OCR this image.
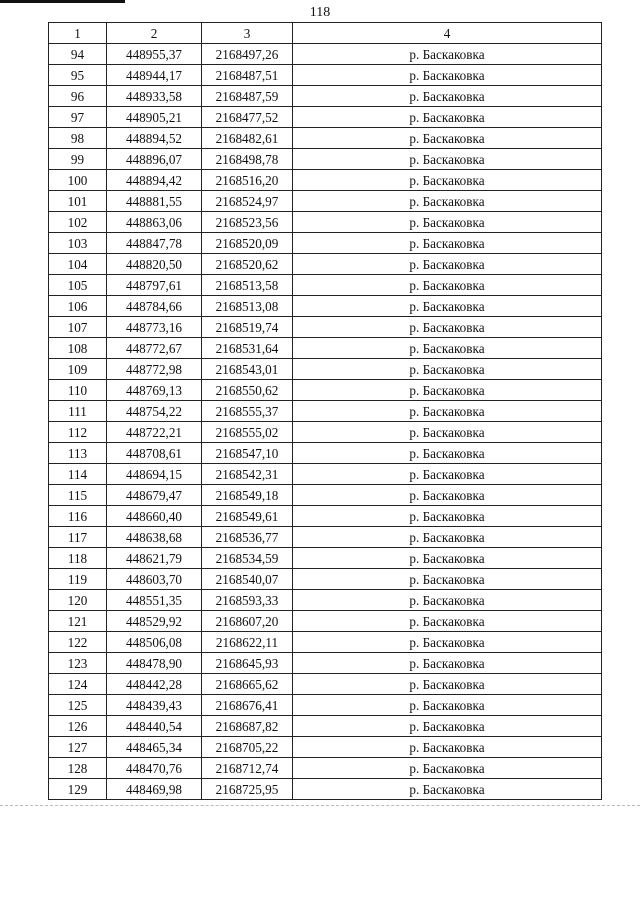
118
1	2	3	4
94	448955,37	2168497,26	р. Баскаковка
95	448944,17	2168487,51	р. Баскаковка
96	448933,58	2168487,59	р. Баскаковка
97	448905,21	2168477,52	р. Баскаковка
98	448894,52	2168482,61	р. Баскаковка
99	448896,07	2168498,78	р. Баскаковка
100	448894,42	2168516,20	р. Баскаковка
101	448881,55	2168524,97	р. Баскаковка
102	448863,06	2168523,56	р. Баскаковка
103	448847,78	2168520,09	р. Баскаковка
104	448820,50	2168520,62	р. Баскаковка
105	448797,61	2168513,58	р. Баскаковка
106	448784,66	2168513,08	р. Баскаковка
107	448773,16	2168519,74	р. Баскаковка
108	448772,67	2168531,64	р. Баскаковка
109	448772,98	2168543,01	р. Баскаковка
110	448769,13	2168550,62	р. Баскаковка
111	448754,22	2168555,37	р. Баскаковка
112	448722,21	2168555,02	р. Баскаковка
113	448708,61	2168547,10	р. Баскаковка
114	448694,15	2168542,31	р. Баскаковка
115	448679,47	2168549,18	р. Баскаковка
116	448660,40	2168549,61	р. Баскаковка
117	448638,68	2168536,77	р. Баскаковка
118	448621,79	2168534,59	р. Баскаковка
119	448603,70	2168540,07	р. Баскаковка
120	448551,35	2168593,33	р. Баскаковка
121	448529,92	2168607,20	р. Баскаковка
122	448506,08	2168622,11	р. Баскаковка
123	448478,90	2168645,93	р. Баскаковка
124	448442,28	2168665,62	р. Баскаковка
125	448439,43	2168676,41	р. Баскаковка
126	448440,54	2168687,82	р. Баскаковка
127	448465,34	2168705,22	р. Баскаковка
128	448470,76	2168712,74	р. Баскаковка
129	448469,98	2168725,95	р. Баскаковка
